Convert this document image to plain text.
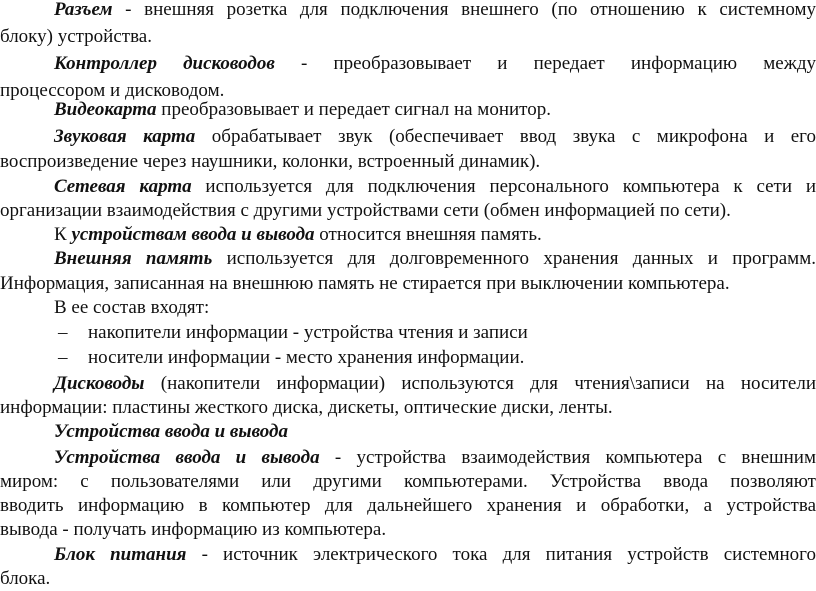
Разъем - внешняя розетка для подключения внешнего (по отношению к системному
блоку) устройства.
Контроллер дисководов - преобразовывает и передает информацию между
процессором и дисководом.
Видеокарта преобразовывает и передает сигнал на монитор.
Звуковая карта обрабатывает звук (обеспечивает ввод звука с микрофона и его
воспроизведение через наушники, колонки, встроенный динамик).
Сетевая карта используется для подключения персонального компьютера к сети и
организации взаимодействия с другими устройствами сети (обмен информацией по сети).
К устройствам ввода и вывода относится внешняя память.
Внешняя память используется для долговременного хранения данных и программ.
Информация, записанная на внешнюю память не стирается при выключении компьютера.
В ее состав входят:
– накопители информации - устройства чтения и записи
– носители информации - место хранения информации.
Дисководы (накопители информации) используются для чтения\записи на носители
информации: пластины жесткого диска, дискеты, оптические диски, ленты.
Устройства ввода и вывода
Устройства ввода и вывода - устройства взаимодействия компьютера с внешним
миром: с пользователями или другими компьютерами. Устройства ввода позволяют
вводить информацию в компьютер для дальнейшего хранения и обработки, а устройства
вывода - получать информацию из компьютера.
Блок питания - источник электрического тока для питания устройств системного
блока.
